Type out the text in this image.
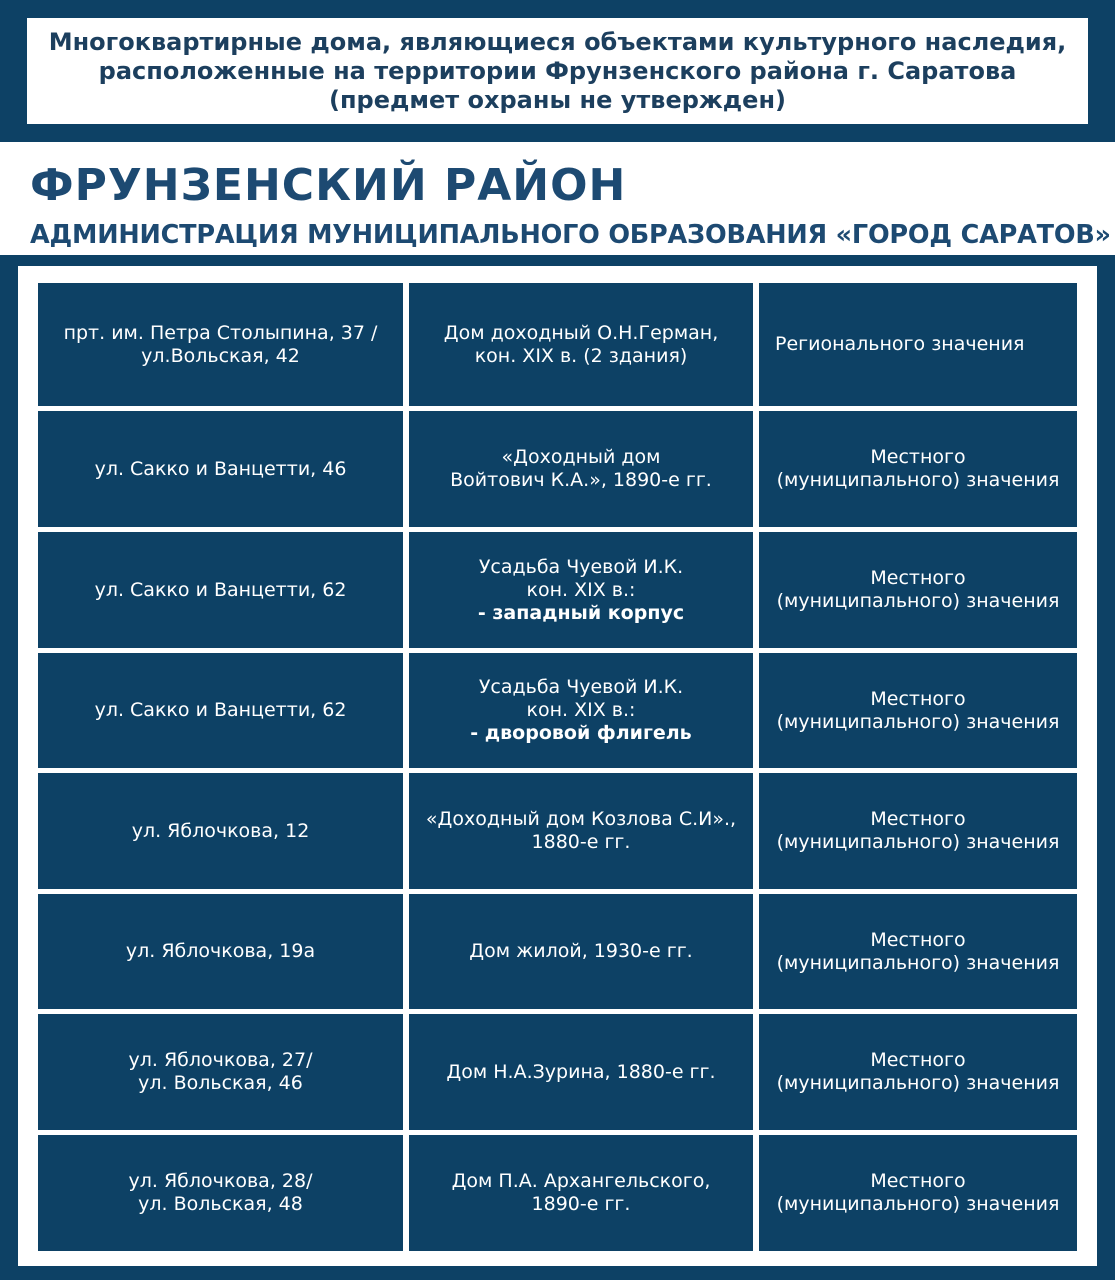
Многоквартирные дома, являющиеся объектами культурного наследия,
расположенные на территории Фрунзенского района г. Саратова
(предмет охраны не утвержден)
ФРУНЗЕНСКИЙ РАЙОН
АДМИНИСТРАЦИЯ МУНИЦИПАЛЬНОГО ОБРАЗОВАНИЯ «ГОРОД САРАТОВ»
прт. им. Петра Столыпина, 37 /
ул.Вольская, 42
Дом доходный О.Н.Герман,
кон. XIX в. (2 здания)
Регионального значения
ул. Сакко и Ванцетти, 46
«Доходный дом
Войтович К.А.», 1890-е гг.
Местного
(муниципального) значения
ул. Сакко и Ванцетти, 62
Усадьба Чуевой И.К.
кон. XIX в.:
- западный корпус
Местного
(муниципального) значения
ул. Сакко и Ванцетти, 62
Усадьба Чуевой И.К.
кон. XIX в.:
- дворовой флигель
Местного
(муниципального) значения
ул. Яблочкова, 12
«Доходный дом Козлова С.И».,
1880-е гг.
Местного
(муниципального) значения
ул. Яблочкова, 19а	Дом жилой, 1930-е гг.
Местного
(муниципального) значения
ул. Яблочкова, 27/
ул. Вольская, 46
Дом Н.А.Зурина, 1880-е гг.
Местного
(муниципального) значения
ул. Яблочкова, 28/
ул. Вольская, 48
Дом П.А. Архангельского,
1890-е гг.
Местного
(муниципального) значения
